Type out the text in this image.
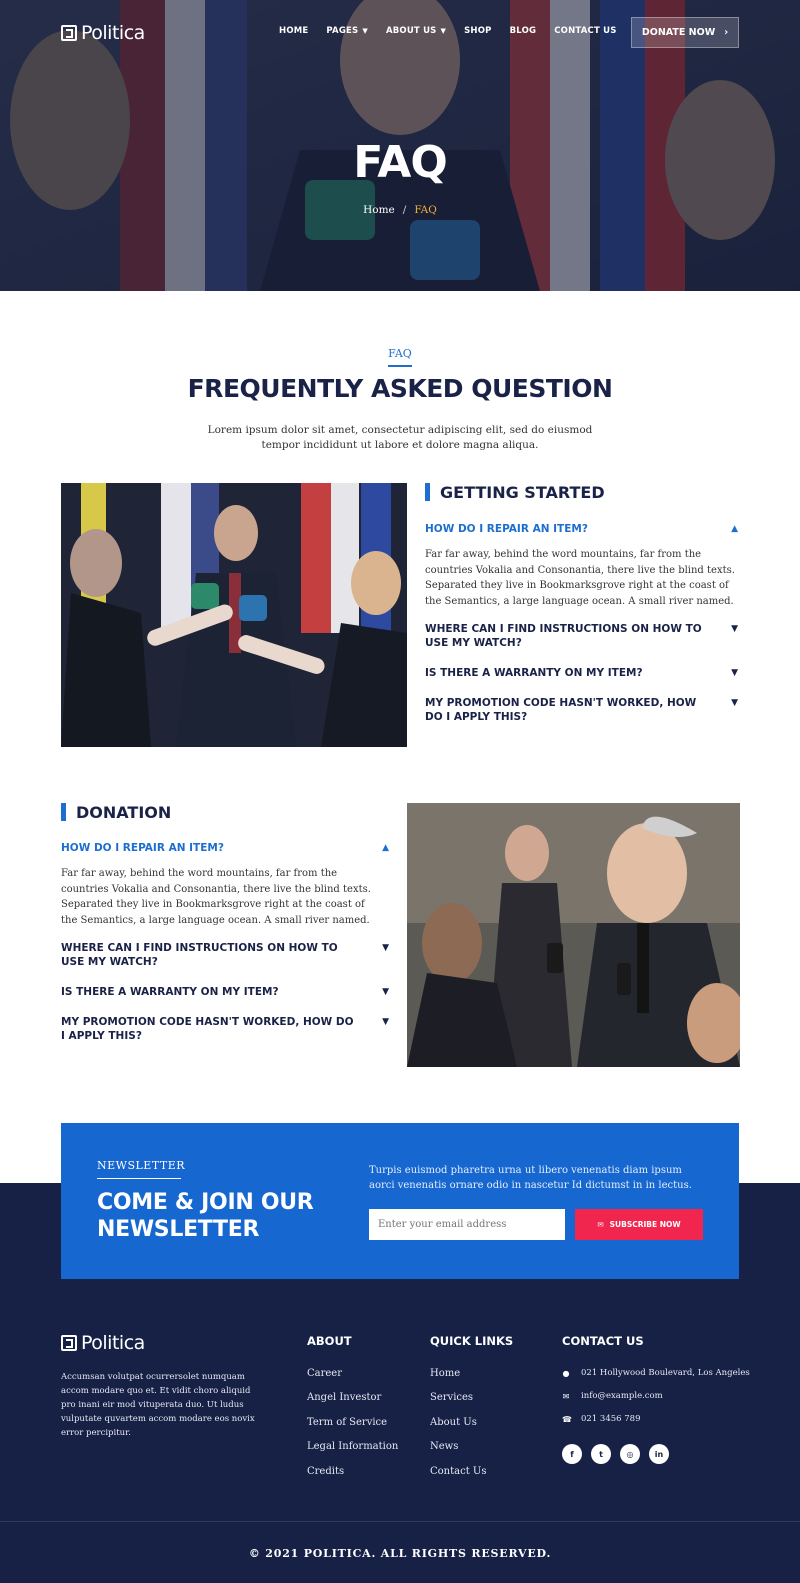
Politica	HOME PAGES ▼ ABOUT US ▼ SHOP BLOG CONTACT US	DONATE NOW ›
FAQ
Home / FAQ
FAQ
FREQUENTLY ASKED QUESTION

Lorem ipsum dolor sit amet, consectetur adipiscing elit, sed do eiusmod tempor incididunt ut labore et dolore magna aliqua.

GETTING STARTED
HOW DO I REPAIR AN ITEM?	▲

Far far away, behind the word mountains, far from the countries Vokalia and Consonantia, there live the blind texts. Separated they live in Bookmarksgrove right at the coast of the Semantics, a large language ocean. A small river named.

WHERE CAN I FIND INSTRUCTIONS ON HOW TO USE MY WATCH?
▼
IS THERE A WARRANTY ON MY ITEM?	▼
MY PROMOTION CODE HASN'T WORKED, HOW DO I APPLY THIS?
▼
DONATION
HOW DO I REPAIR AN ITEM?	▲

Far far away, behind the word mountains, far from the countries Vokalia and Consonantia, there live the blind texts. Separated they live in Bookmarksgrove right at the coast of the Semantics, a large language ocean. A small river named.

WHERE CAN I FIND INSTRUCTIONS ON HOW TO USE MY WATCH?
▼
IS THERE A WARRANTY ON MY ITEM?	▼
MY PROMOTION CODE HASN'T WORKED, HOW DO I APPLY THIS?
▼
NEWSLETTER
COME & JOIN OUR NEWSLETTER

Turpis euismod pharetra urna ut libero venenatis diam ipsum aorci venenatis ornare odio in nascetur Id dictumst in in lectus.

Enter your email address
✉ SUBSCRIBE NOW
Politica

Accumsan volutpat ocurrersolet numquam accom modare quo et. Et vidit choro aliquid pro inani eir mod vituperata duo. Ut ludus vulputate quvartem accom modare eos novix error percipitur.

ABOUT
Career
Angel Investor
Term of Service
Legal Information
Credits
QUICK LINKS
Home
Services
About Us
News
Contact Us
CONTACT US
● 021 Hollywood Boulevard, Los Angeles
✉ info@example.com
☎ 021 3456 789
f	t	◎	in
© 2021 POLITICA. ALL RIGHTS RESERVED.
